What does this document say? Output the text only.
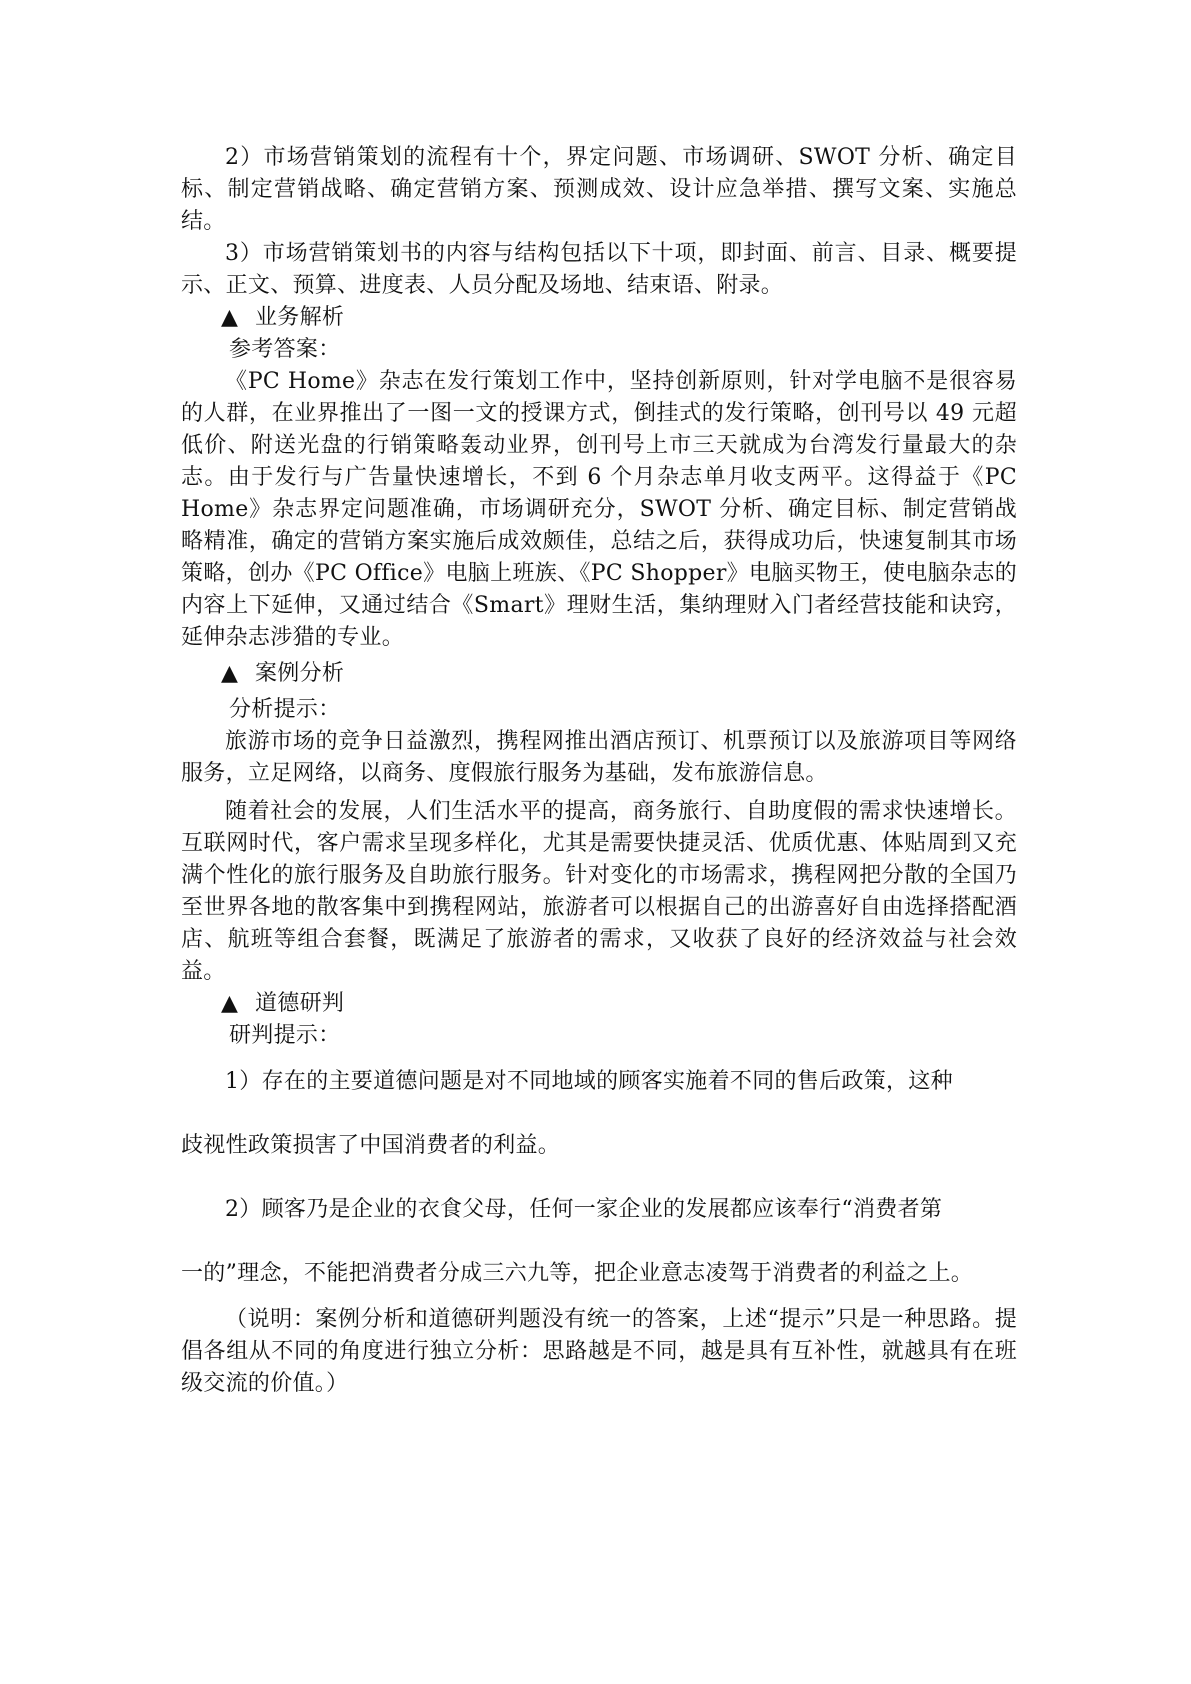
2）市场营销策划的流程有十个，界定问题、市场调研、SWOT 分析、确定目标、制定营销战略、确定营销方案、预测成效、设计应急举措、撰写文案、实施总结。

3）市场营销策划书的内容与结构包括以下十项，即封面、前言、目录、概要提示、正文、预算、进度表、人员分配及场地、结束语、附录。

▲ 业务解析

参考答案：

《PC Home》杂志在发行策划工作中，坚持创新原则，针对学电脑不是很容易的人群，在业界推出了一图一文的授课方式，倒挂式的发行策略，创刊号以 49 元超低价、附送光盘的行销策略轰动业界，创刊号上市三天就成为台湾发行量最大的杂志。由于发行与广告量快速增长，不到 6 个月杂志单月收支两平。这得益于《PC Home》杂志界定问题准确，市场调研充分，SWOT 分析、确定目标、制定营销战略精准，确定的营销方案实施后成效颇佳，总结之后，获得成功后，快速复制其市场策略，创办《PC Office》电脑上班族、《PC Shopper》电脑买物王，使电脑杂志的内容上下延伸，又通过结合《Smart》理财生活，集纳理财入门者经营技能和诀窍，延伸杂志涉猎的专业。

▲ 案例分析

分析提示：

旅游市场的竞争日益激烈，携程网推出酒店预订、机票预订以及旅游项目等网络服务，立足网络，以商务、度假旅行服务为基础，发布旅游信息。

随着社会的发展，人们生活水平的提高，商务旅行、自助度假的需求快速增长。互联网时代，客户需求呈现多样化，尤其是需要快捷灵活、优质优惠、体贴周到又充满个性化的旅行服务及自助旅行服务。针对变化的市场需求，携程网把分散的全国乃至世界各地的散客集中到携程网站，旅游者可以根据自己的出游喜好自由选择搭配酒店、航班等组合套餐，既满足了旅游者的需求，又收获了良好的经济效益与社会效益。

▲ 道德研判

研判提示：

1）存在的主要道德问题是对不同地域的顾客实施着不同的售后政策，这种

歧视性政策损害了中国消费者的利益。

2）顾客乃是企业的衣食父母，任何一家企业的发展都应该奉行“消费者第

一的”理念，不能把消费者分成三六九等，把企业意志凌驾于消费者的利益之上。

（说明：案例分析和道德研判题没有统一的答案，上述“提示”只是一种思路。提倡各组从不同的角度进行独立分析：思路越是不同，越是具有互补性，就越具有在班级交流的价值。）
